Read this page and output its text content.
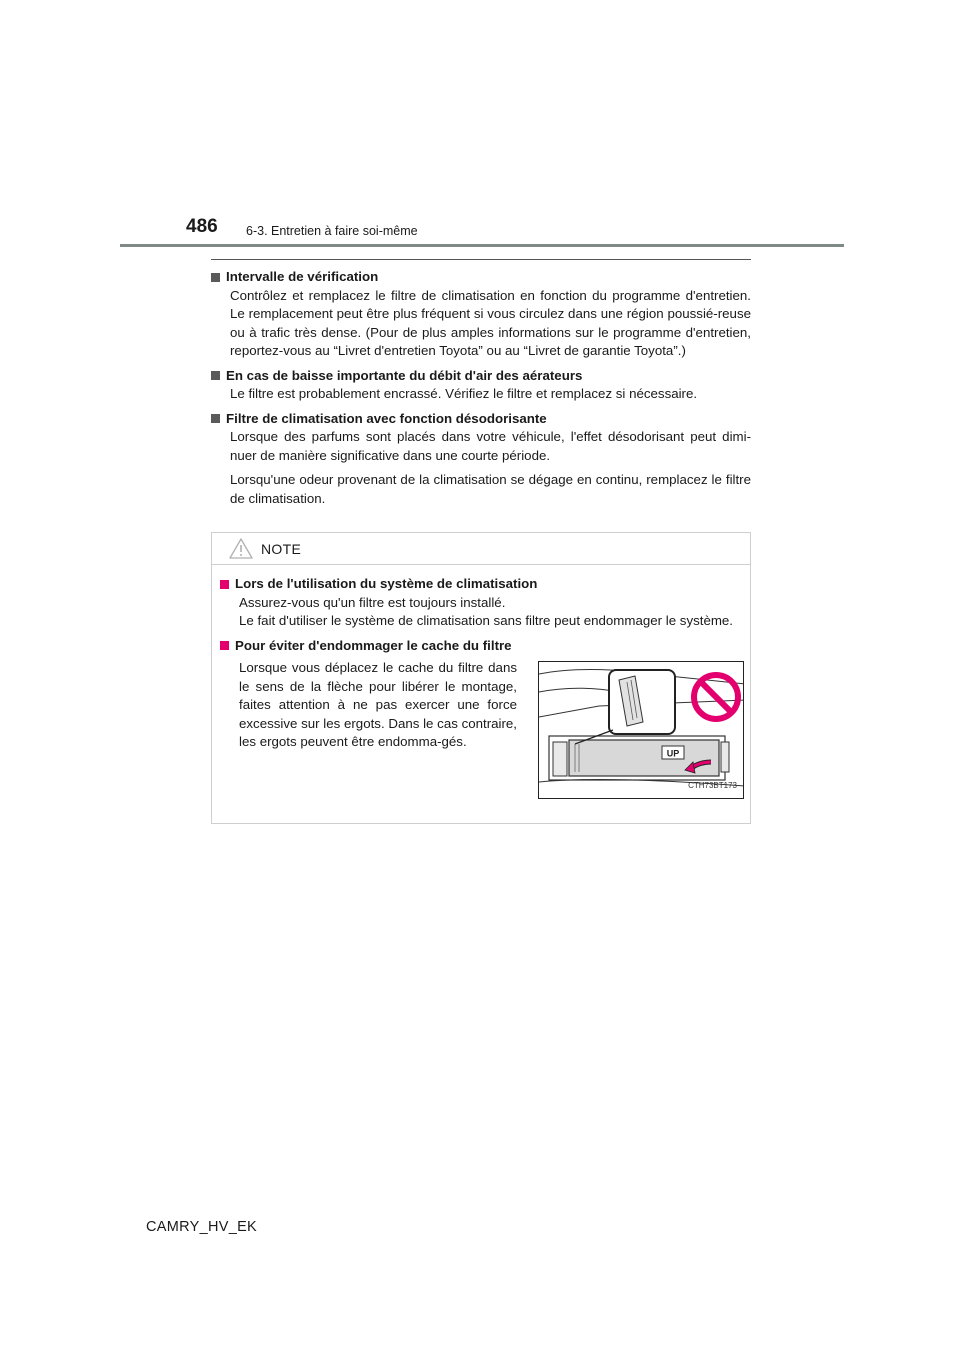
486 6-3. Entretien à faire soi-même
Intervalle de vérification
Contrôlez et remplacez le filtre de climatisation en fonction du programme d'entretien. Le remplacement peut être plus fréquent si vous circulez dans une région poussié-reuse ou à trafic très dense. (Pour de plus amples informations sur le programme d'entretien, reportez-vous au “Livret d'entretien Toyota” ou au “Livret de garantie Toyota”.)
En cas de baisse importante du débit d'air des aérateurs
Le filtre est probablement encrassé. Vérifiez le filtre et remplacez si nécessaire.
Filtre de climatisation avec fonction désodorisante
Lorsque des parfums sont placés dans votre véhicule, l'effet désodorisant peut dimi-nuer de manière significative dans une courte période.
Lorsqu'une odeur provenant de la climatisation se dégage en continu, remplacez le filtre de climatisation.
NOTE
Lors de l'utilisation du système de climatisation
Assurez-vous qu'un filtre est toujours installé.
Le fait d'utiliser le système de climatisation sans filtre peut endommager le système.
Pour éviter d'endommager le cache du filtre
Lorsque vous déplacez le cache du filtre dans le sens de la flèche pour libérer le montage, faites attention à ne pas exercer une force excessive sur les ergots. Dans le cas contraire, les ergots peuvent être endomma-gés.
UP
CTH73BT173
CAMRY_HV_EK
